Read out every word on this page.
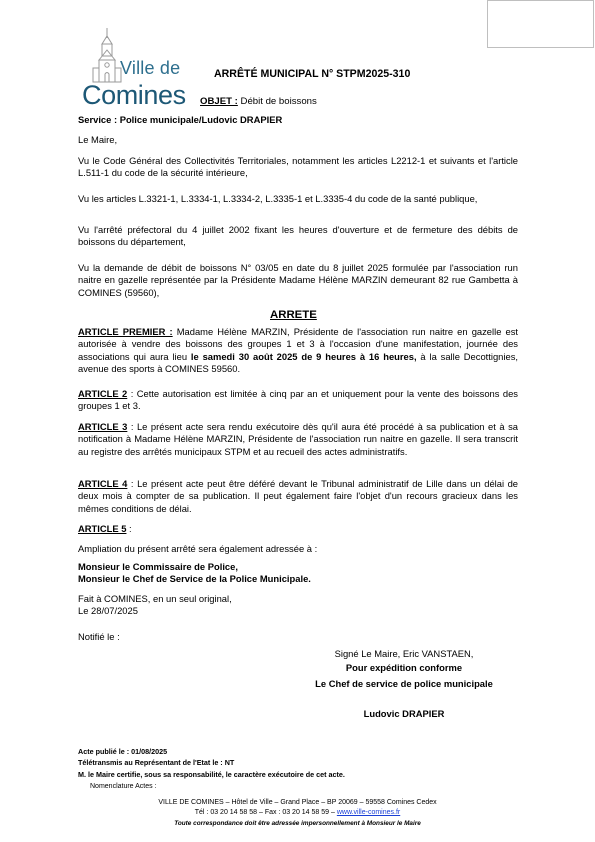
Ville de
Comines
ARRÊTÉ MUNICIPAL N° STPM2025-310
OBJET : Débit de boissons
Service : Police municipale/Ludovic DRAPIER
Le Maire,
Vu le Code Général des Collectivités Territoriales, notamment les articles L2212-1 et suivants et l'article L.511-1 du code de la sécurité intérieure,
Vu les articles L.3321-1, L.3334-1, L.3334-2, L.3335-1 et L.3335-4 du code de la santé publique,
Vu l'arrêté préfectoral du 4 juillet 2002 fixant les heures d'ouverture et de fermeture des débits de boissons du département,
Vu la demande de débit de boissons N° 03/05 en date du 8 juillet 2025 formulée par l'association run naitre en gazelle représentée par la Présidente Madame Hélène MARZIN demeurant 82 rue Gambetta à COMINES (59560),
ARRETE
ARTICLE PREMIER : Madame Hélène MARZIN, Présidente de l'association run naitre en gazelle est autorisée à vendre des boissons des groupes 1 et 3 à l'occasion d'une manifestation, journée des associations qui aura lieu le samedi 30 août 2025 de 9 heures à 16 heures, à la salle Decottignies, avenue des sports à COMINES 59560.
ARTICLE 2 : Cette autorisation est limitée à cinq par an et uniquement pour la vente des boissons des groupes 1 et 3.
ARTICLE 3 : Le présent acte sera rendu exécutoire dès qu'il aura été procédé à sa publication et à sa notification à Madame Hélène MARZIN, Présidente de l'association run naitre en gazelle. Il sera transcrit au registre des arrêtés municipaux STPM et au recueil des actes administratifs.
ARTICLE 4 : Le présent acte peut être déféré devant le Tribunal administratif de Lille dans un délai de deux mois à compter de sa publication. Il peut également faire l'objet d'un recours gracieux dans les mêmes conditions de délai.
ARTICLE 5 :
Ampliation du présent arrêté sera également adressée à :
Monsieur le Commissaire de Police,
Monsieur le Chef de Service de la Police Municipale.
Fait à COMINES, en un seul original,
Le 28/07/2025
Notifié le :
Signé Le Maire, Eric VANSTAEN,
Pour expédition conforme
Le Chef de service de police municipale
Ludovic DRAPIER
Acte publié le : 01/08/2025
Télétransmis au Représentant de l'Etat le : NT
M. le Maire certifie, sous sa responsabilité, le caractère exécutoire de cet acte.
Nomenclature Actes :
VILLE DE COMINES – Hôtel de Ville – Grand Place – BP 20069 – 59558 Comines Cedex
Tél : 03 20 14 58 58 – Fax : 03 20 14 58 59 – www.ville-comines.fr
Toute correspondance doit être adressée impersonnellement à Monsieur le Maire
